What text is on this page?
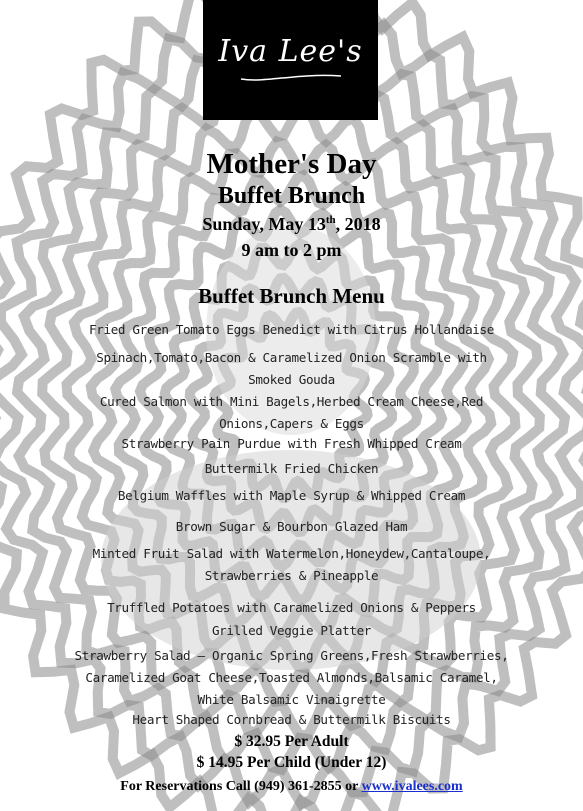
Iva Lee's
Mother's Day
Buffet Brunch
Sunday, May 13th, 2018
9 am to 2 pm
Buffet Brunch Menu
Fried Green Tomato Eggs Benedict with Citrus Hollandaise
Spinach,Tomato,Bacon & Caramelized Onion Scramble with
Smoked Gouda
Cured Salmon with Mini Bagels,Herbed Cream Cheese,Red
Onions,Capers & Eggs
Strawberry Pain Purdue with Fresh Whipped Cream
Buttermilk Fried Chicken
Belgium Waffles with Maple Syrup & Whipped Cream
Brown Sugar & Bourbon Glazed Ham
Minted Fruit Salad with Watermelon,Honeydew,Cantaloupe,
Strawberries & Pineapple
Truffled Potatoes with Caramelized Onions & Peppers
Grilled Veggie Platter
Strawberry Salad – Organic Spring Greens,Fresh Strawberries,
Caramelized Goat Cheese,Toasted Almonds,Balsamic Caramel,
White Balsamic Vinaigrette
Heart Shaped Cornbread & Buttermilk Biscuits
$ 32.95 Per Adult
$ 14.95 Per Child (Under 12)
For Reservations Call (949) 361-2855 or www.ivalees.com
